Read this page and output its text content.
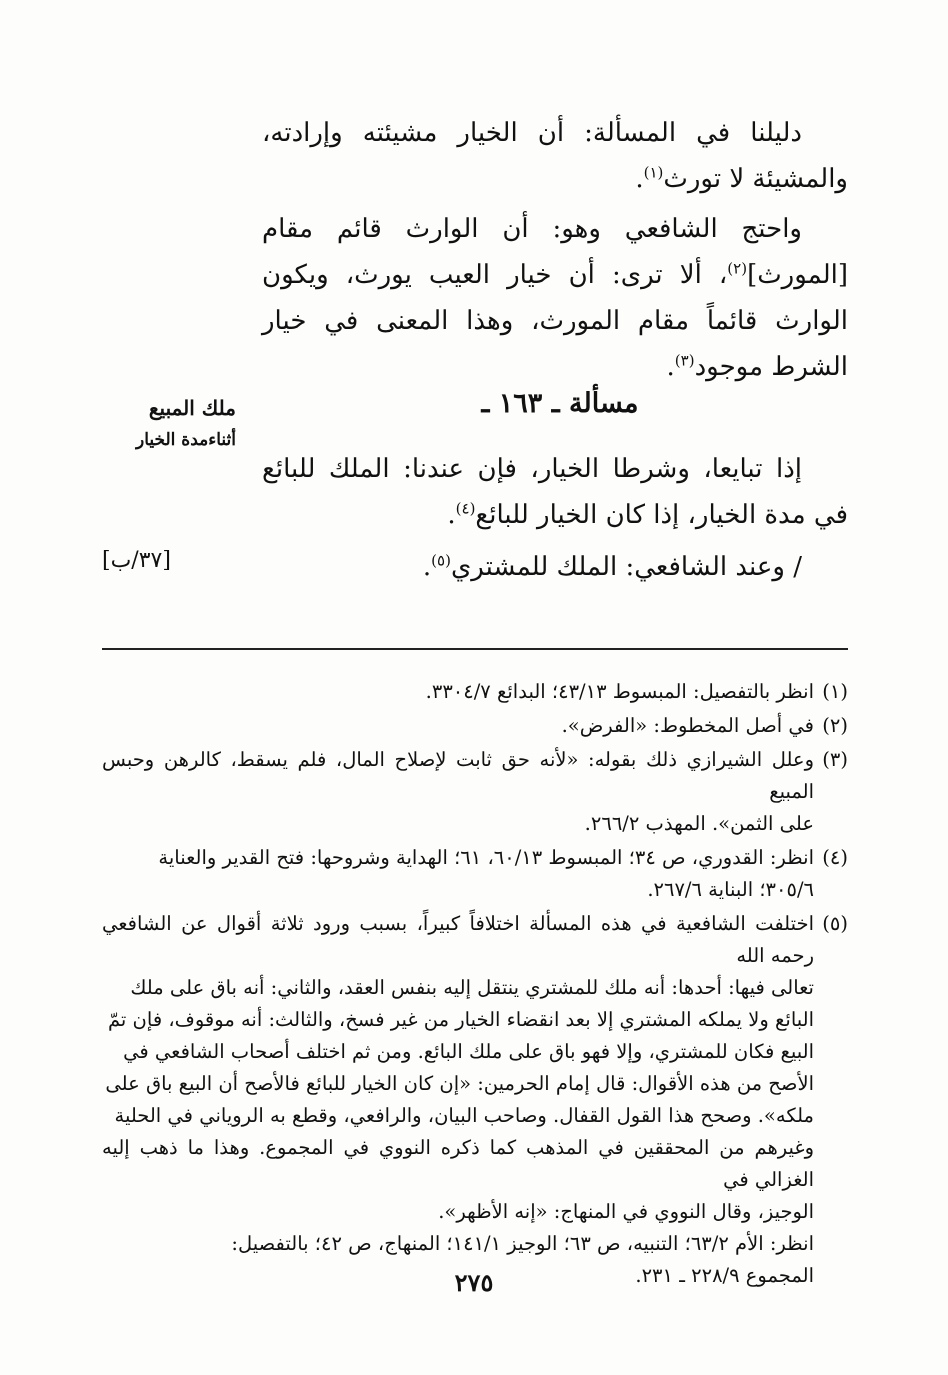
دليلنا في المسألة: أن الخيار مشيئته وإرادته، والمشيئة لا تورث$^{(١)}$.

واحتج الشافعي وهو: أن الوارث قائم مقام [المورث]$^{(٢)}$، ألا ترى: أن خيار العيب يورث، ويكون الوارث قائماً مقام المورث، وهذا المعنى في خيار الشرط موجود$^{(٣)}$.

مسألة ـ ١٦٣ ـ
ملك المبيع
أثناءمدة الخيار

إذا تبايعا، وشرطا الخيار، فإن عندنا: الملك للبائع في مدة الخيار، إذا كان الخيار للبائع$^{(٤)}$.

/ وعند الشافعي: الملك للمشتري$^{(٥)}$.

[٣٧/ب]
(١)
انظر بالتفصيل: المبسوط ٤٣/١٣؛ البدائع ٣٣٠٤/٧.
(٢)
في أصل المخطوط: «الفرض».
(٣)
وعلل الشيرازي ذلك بقوله: «لأنه حق ثابت لإصلاح المال، فلم يسقط، كالرهن وحبس المبيع
على الثمن». المهذب ٢٦٦/٢.
(٤)
انظر: القدوري، ص ٣٤؛ المبسوط ٦٠/١٣، ٦١؛ الهداية وشروحها: فتح القدير والعناية
٣٠٥/٦؛ البناية ٢٦٧/٦.
(٥)
اختلفت الشافعية في هذه المسألة اختلافاً كبيراً، بسبب ورود ثلاثة أقوال عن الشافعي رحمه الله
تعالى فيها: أحدها: أنه ملك للمشتري ينتقل إليه بنفس العقد، والثاني: أنه باق على ملك
البائع ولا يملكه المشتري إلا بعد انقضاء الخيار من غير فسخ، والثالث: أنه موقوف، فإن تمّ
البيع فكان للمشتري، وإلا فهو باق على ملك البائع. ومن ثم اختلف أصحاب الشافعي في
الأصح من هذه الأقوال: قال إمام الحرمين: «إن كان الخيار للبائع فالأصح أن البيع باق على
ملكه». وصحح هذا القول القفال. وصاحب البيان، والرافعي، وقطع به الروياني في الحلية
وغيرهم من المحققين في المذهب كما ذكره النووي في المجموع. وهذا ما ذهب إليه الغزالي في
الوجيز، وقال النووي في المنهاج: «إنه الأظهر».
انظر: الأم ٦٣/٢؛ التنبيه، ص ٦٣؛ الوجيز ١٤١/١؛ المنهاج، ص ٤٢؛ بالتفصيل:
المجموع ٢٢٨/٩ ـ ٢٣١.
٢٧٥
